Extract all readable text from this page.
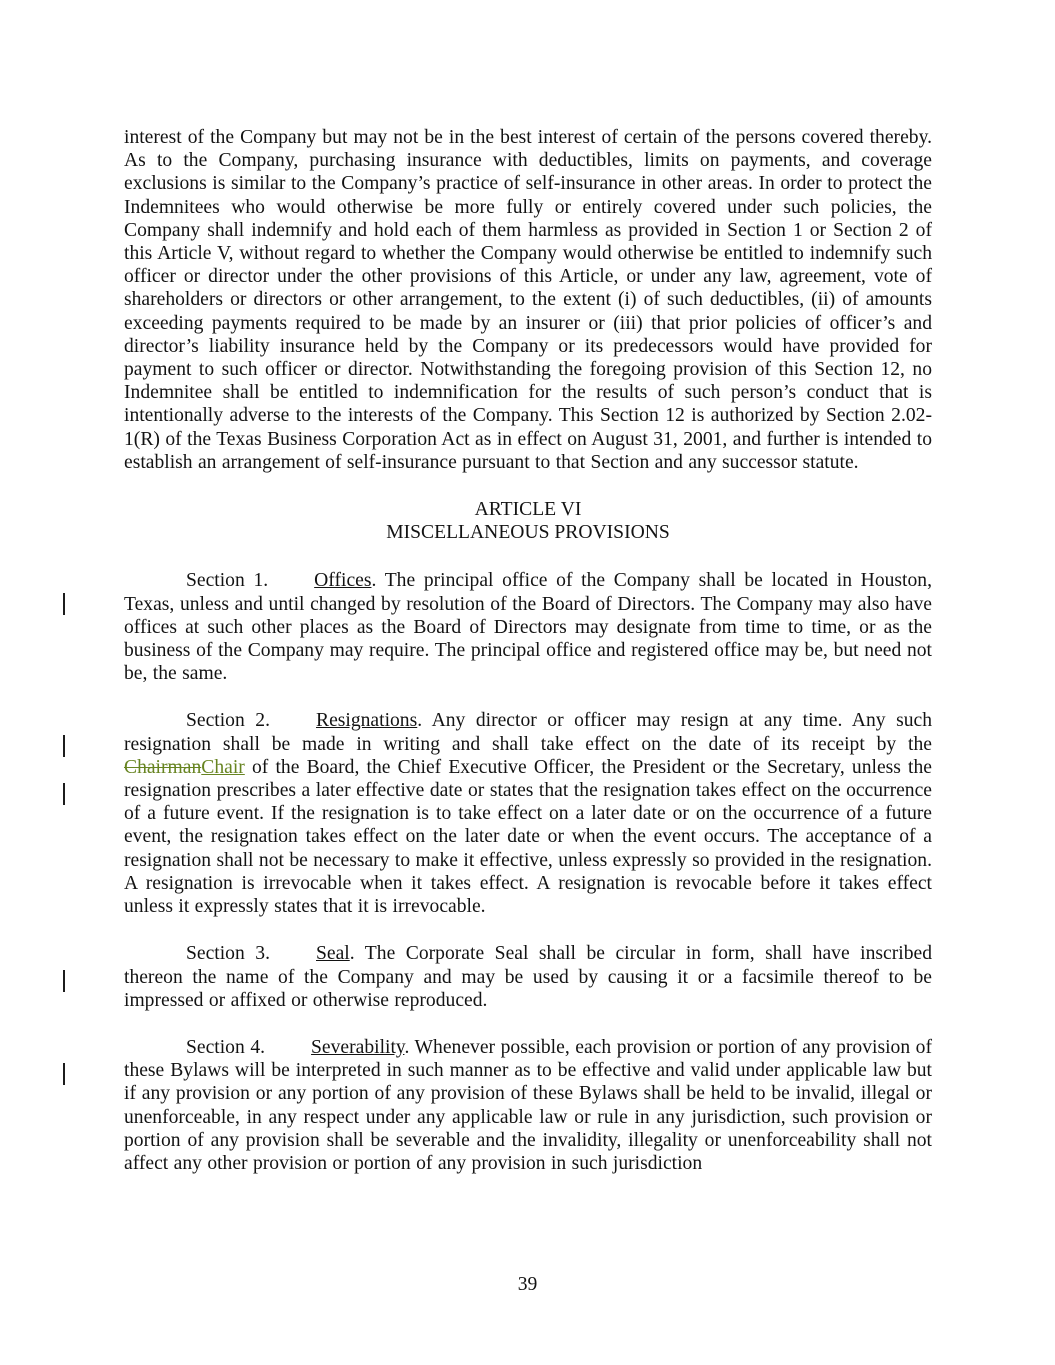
interest of the Company but may not be in the best interest of certain of the persons covered thereby. As to the Company, purchasing insurance with deductibles, limits on payments, and coverage exclusions is similar to the Company’s practice of self-insurance in other areas. In order to protect the Indemnitees who would otherwise be more fully or entirely covered under such policies, the Company shall indemnify and hold each of them harmless as provided in Section 1 or Section 2 of this Article V, without regard to whether the Company would otherwise be entitled to indemnify such officer or director under the other provisions of this Article, or under any law, agreement, vote of shareholders or directors or other arrangement, to the extent (i) of such deductibles, (ii) of amounts exceeding payments required to be made by an insurer or (iii) that prior policies of officer’s and director’s liability insurance held by the Company or its predecessors would have provided for payment to such officer or director. Notwithstanding the foregoing provision of this Section 12, no Indemnitee shall be entitled to indemnification for the results of such person’s conduct that is intentionally adverse to the interests of the Company. This Section 12 is authorized by Section 2.02-1(R) of the Texas Business Corporation Act as in effect on August 31, 2001, and further is intended to establish an arrangement of self-insurance pursuant to that Section and any successor statute.

ARTICLE VI
MISCELLANEOUS PROVISIONS

Section 1. Offices. The principal office of the Company shall be located in Houston, Texas, unless and until changed by resolution of the Board of Directors. The Company may also have offices at such other places as the Board of Directors may designate from time to time, or as the business of the Company may require. The principal office and registered office may be, but need not be, the same.

Section 2. Resignations. Any director or officer may resign at any time. Any such resignation shall be made in writing and shall take effect on the date of its receipt by the ChairmanChair of the Board, the Chief Executive Officer, the President or the Secretary, unless the resignation prescribes a later effective date or states that the resignation takes effect on the occurrence of a future event. If the resignation is to take effect on a later date or on the occurrence of a future event, the resignation takes effect on the later date or when the event occurs. The acceptance of a resignation shall not be necessary to make it effective, unless expressly so provided in the resignation. A resignation is irrevocable when it takes effect. A resignation is revocable before it takes effect unless it expressly states that it is irrevocable.

Section 3. Seal. The Corporate Seal shall be circular in form, shall have inscribed thereon the name of the Company and may be used by causing it or a facsimile thereof to be impressed or affixed or otherwise reproduced.

Section 4. Severability. Whenever possible, each provision or portion of any provision of these Bylaws will be interpreted in such manner as to be effective and valid under applicable law but if any provision or any portion of any provision of these Bylaws shall be held to be invalid, illegal or unenforceable, in any respect under any applicable law or rule in any jurisdiction, such provision or portion of any provision shall be severable and the invalidity, illegality or unenforceability shall not affect any other provision or portion of any provision in such jurisdiction

39
